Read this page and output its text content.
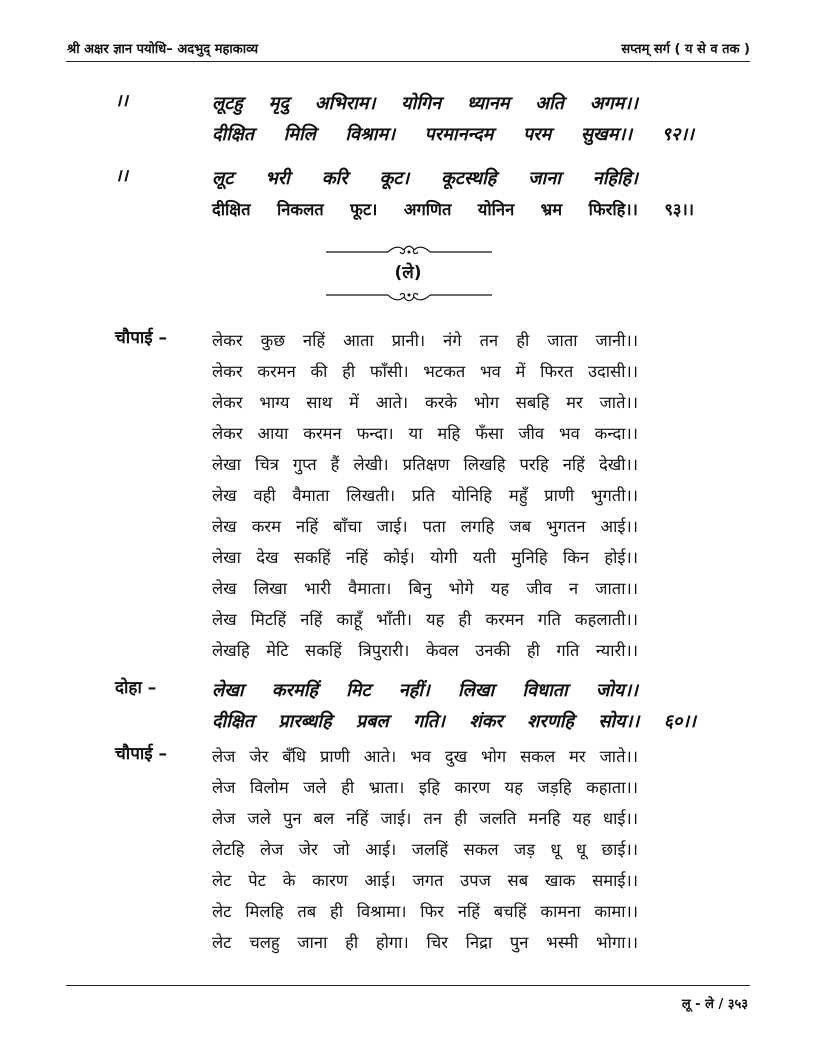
श्री अक्षर ज्ञान पयोधि– अदभुद् महाकाव्य	सप्तम् सर्ग ( य से व तक )
।।	लूटहु मृदु अभिराम। योगिन ध्यानम अति अगम।।
दीक्षित मिलि विश्राम। परमानन्दम परम सुखम।। ९२।।
।।	लूट भरी करि कूट। कूटस्थहि जाना नहिहि।
दीक्षित निकलत फूट। अगणित योनिन भ्रम फिरहि।। ९३।।
(ले)
चौपाई –	लेकर कुछ नहिं आता प्रानी। नंगे तन ही जाता जानी।।
लेकर करमन की ही फाँसी। भटकत भव में फिरत उदासी।।
लेकर भाग्य साथ में आते। करके भोग सबहि मर जाते।।
लेकर आया करमन फन्दा। या महि फँसा जीव भव कन्दा।।
लेखा चित्र गुप्त हैं लेखी। प्रतिक्षण लिखहि परहि नहिं देखी।।
लेख वही वैमाता लिखती। प्रति योनिहि महुँ प्राणी भुगती।।
लेख करम नहिं बाँचा जाई। पता लगहि जब भुगतन आई।।
लेखा देख सकहिं नहिं कोई। योगी यती मुनिहि किन होई।।
लेख लिखा भारी वैमाता। बिनु भोगे यह जीव न जाता।।
लेख मिटहिं नहिं काहूँ भाँती। यह ही करमन गति कहलाती।।
लेखहि मेटि सकहिं त्रिपुरारी। केवल उनकी ही गति न्यारी।।
दोहा –	लेखा करमहिं मिट नहीं। लिखा विधाता जोय।।
दीक्षित प्रारब्धहि प्रबल गति। शंकर शरणहि सोय।। ६०।।
चौपाई –	लेज जेर बँधि प्राणी आते। भव दुख भोग सकल मर जाते।।
लेज विलोम जले ही भ्राता। इहि कारण यह जड़हि कहाता।।
लेज जले पुन बल नहिं जाई। तन ही जलति मनहि यह धाई।।
लेटहि लेज जेर जो आई। जलहिं सकल जड़ धू धू छाई।।
लेट पेट के कारण आई। जगत उपज सब खाक समाई।।
लेट मिलहि तब ही विश्रामा। फिर नहिं बचहिं कामना कामा।।
लेट चलहु जाना ही होगा। चिर निद्रा पुन भस्मी भोगा।।
लू - ले / ३५३
